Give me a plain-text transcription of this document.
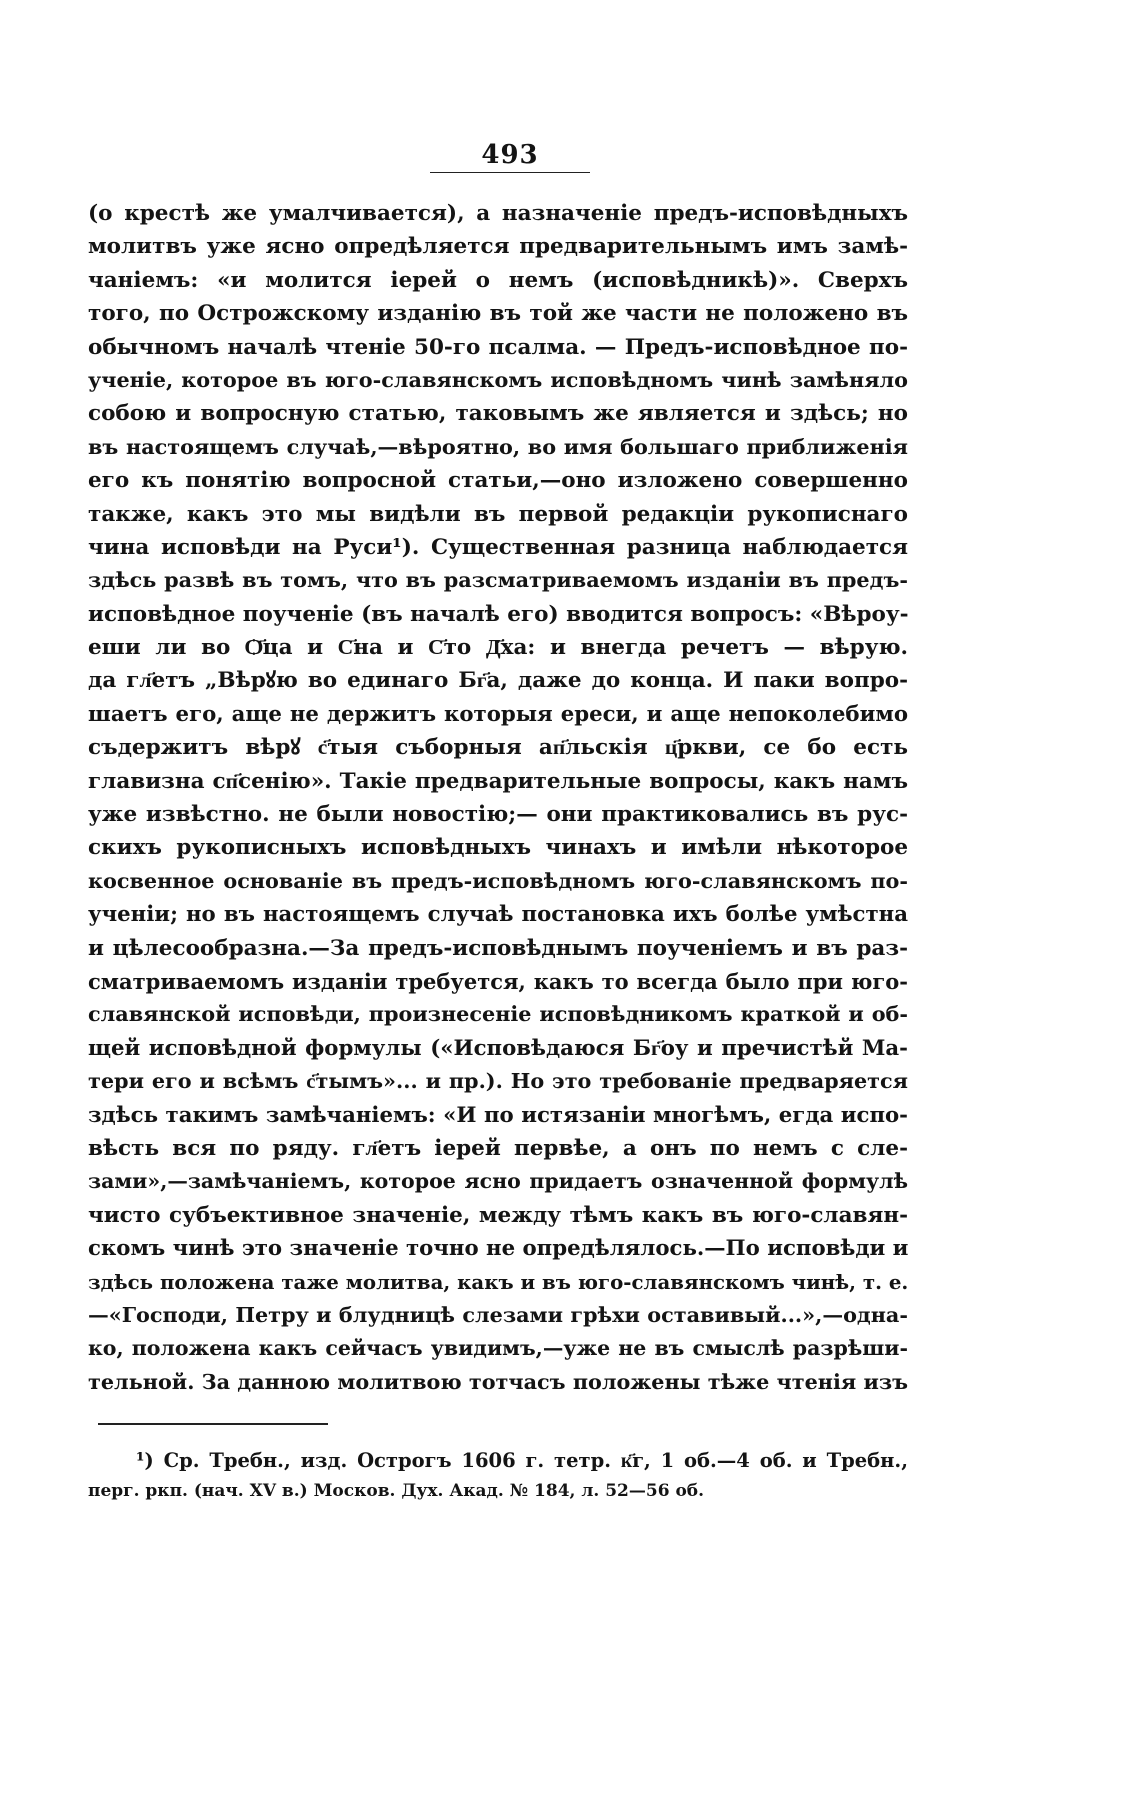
493
(о крестѣ же умалчивается), а назначеніе предъ-исповѣдныхъ
молитвъ уже ясно опредѣляется предварительнымъ имъ замѣ-
чаніемъ: «и молится іерей о немъ (исповѣдникѣ)». Сверхъ
того, по Острожскому изданію въ той же части не положено въ
обычномъ началѣ чтеніе 50-го псалма. — Предъ-исповѣдное по-
ученіе, которое въ юго-славянскомъ исповѣдномъ чинѣ замѣняло
собою и вопросную статью, таковымъ же является и здѣсь; но
въ настоящемъ случаѣ,—вѣроятно, во имя большаго приближенія
его къ понятію вопросной статьи,—оно изложено совершенно
также, какъ это мы видѣли въ первой редакціи рукописнаго
чина исповѣди на Руси¹). Существенная разница наблюдается
здѣсь развѣ въ томъ, что въ разсматриваемомъ изданіи въ предъ-
исповѣдное поученіе (въ началѣ его) вводится вопросъ: «Вѣроу-
еши ли во Ѻ҃ца и С҃на и С҃то Д҃ха: и внегда речетъ — вѣрую.
да гл҃етъ „Вѣрꙋю во единаго Бг҃а, даже до конца. И паки вопро-
шаетъ его, аще не держитъ которыя ереси, и аще непоколебимо
съдержитъ вѣрꙋ с҃тыя съборныя ап҃льскія ц҃ркви, се бо есть
главизна сп҃сенію». Такіе предварительные вопросы, какъ намъ
уже извѣстно. не были новостію;— они практиковались въ рус-
скихъ рукописныхъ исповѣдныхъ чинахъ и имѣли нѣкоторое
косвенное основаніе въ предъ-исповѣдномъ юго-славянскомъ по-
ученіи; но въ настоящемъ случаѣ постановка ихъ болѣе умѣстна
и цѣлесообразна.—За предъ-исповѣднымъ поученіемъ и въ раз-
сматриваемомъ изданіи требуется, какъ то всегда было при юго-
славянской исповѣди, произнесеніе исповѣдникомъ краткой и об-
щей исповѣдной формулы («Исповѣдаюся Бг҃оу и пречистѣй Ма-
тери его и всѣмъ с҃тымъ»... и пр.). Но это требованіе предваряется
здѣсь такимъ замѣчаніемъ: «И по истязаніи многѣмъ, егда испо-
вѣсть вся по ряду. гл҃етъ іерей первѣе, а онъ по немъ с сле-
зами»,—замѣчаніемъ, которое ясно придаетъ означенной формулѣ
чисто субъективное значеніе, между тѣмъ какъ въ юго-славян-
скомъ чинѣ это значеніе точно не опредѣлялось.—По исповѣди и
здѣсь положена таже молитва, какъ и въ юго-славянскомъ чинѣ, т. е.
—«Господи, Петру и блудницѣ слезами грѣхи оставивый...»,—одна-
ко, положена какъ сейчасъ увидимъ,—уже не въ смыслѣ разрѣши-
тельной. За данною молитвою тотчасъ положены тѣже чтенія изъ
¹) Ср. Требн., изд. Острогъ 1606 г. тетр. к҃г, 1 об.—4 об. и Требн.,
перг. ркп. (нач. XV в.) Москов. Дух. Акад. № 184, л. 52—56 об.
